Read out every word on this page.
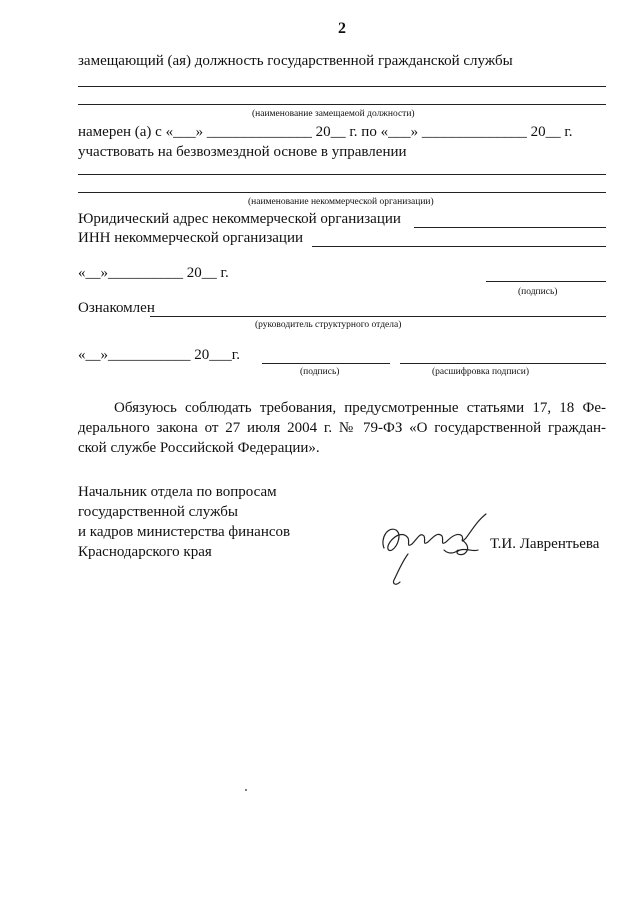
2
замещающий (ая) должность государственной гражданской службы
(наименование замещаемой должности)
намерен (а) с «___» ______________ 20__ г. по «___» ______________ 20__ г.
участвовать на безвозмездной основе в управлении
(наименование некоммерческой организации)
Юридический адрес некоммерческой организации
ИНН некоммерческой организации
«__»__________ 20__ г.
(подпись)
Ознакомлен
(руководитель структурного отдела)
«__»___________ 20___г.
(подпись)	(расшифровка подписи)
Обязуюсь соблюдать требования, предусмотренные статьями 17, 18 Фе-
дерального закона от 27 июля 2004 г. № 79-ФЗ «О государственной граждан-
ской службе Российской Федерации».
Начальник отдела по вопросам
государственной службы
и кадров министерства финансов
Краснодарского края	Т.И. Лаврентьева
